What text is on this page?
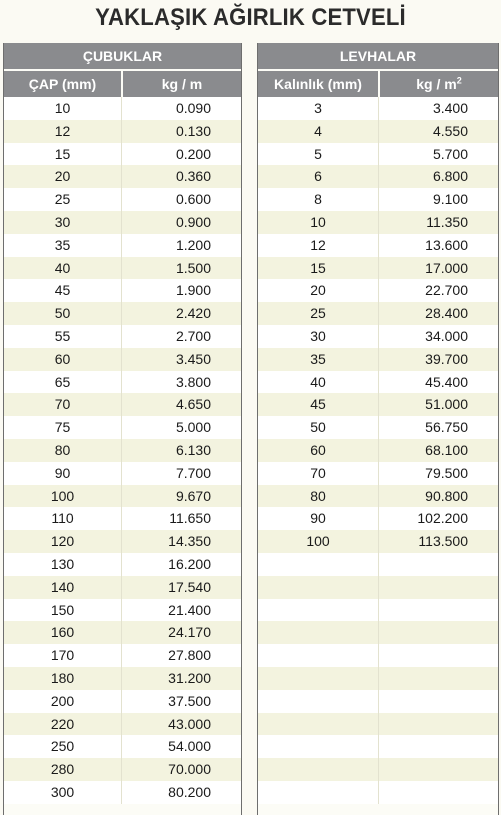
YAKLAŞIK AĞIRLIK CETVELİ
ÇUBUKLAR
ÇAP (mm)	kg / m
10	0.090
12	0.130
15	0.200
20	0.360
25	0.600
30	0.900
35	1.200
40	1.500
45	1.900
50	2.420
55	2.700
60	3.450
65	3.800
70	4.650
75	5.000
80	6.130
90	7.700
100	9.670
110	11.650
120	14.350
130	16.200
140	17.540
150	21.400
160	24.170
170	27.800
180	31.200
200	37.500
220	43.000
250	54.000
280	70.000
300	80.200
LEVHALAR
Kalınlık (mm)	kg / $m^2$
3	3.400
4	4.550
5	5.700
6	6.800
8	9.100
10	11.350
12	13.600
15	17.000
20	22.700
25	28.400
30	34.000
35	39.700
40	45.400
45	51.000
50	56.750
60	68.100
70	79.500
80	90.800
90	102.200
100	113.500
